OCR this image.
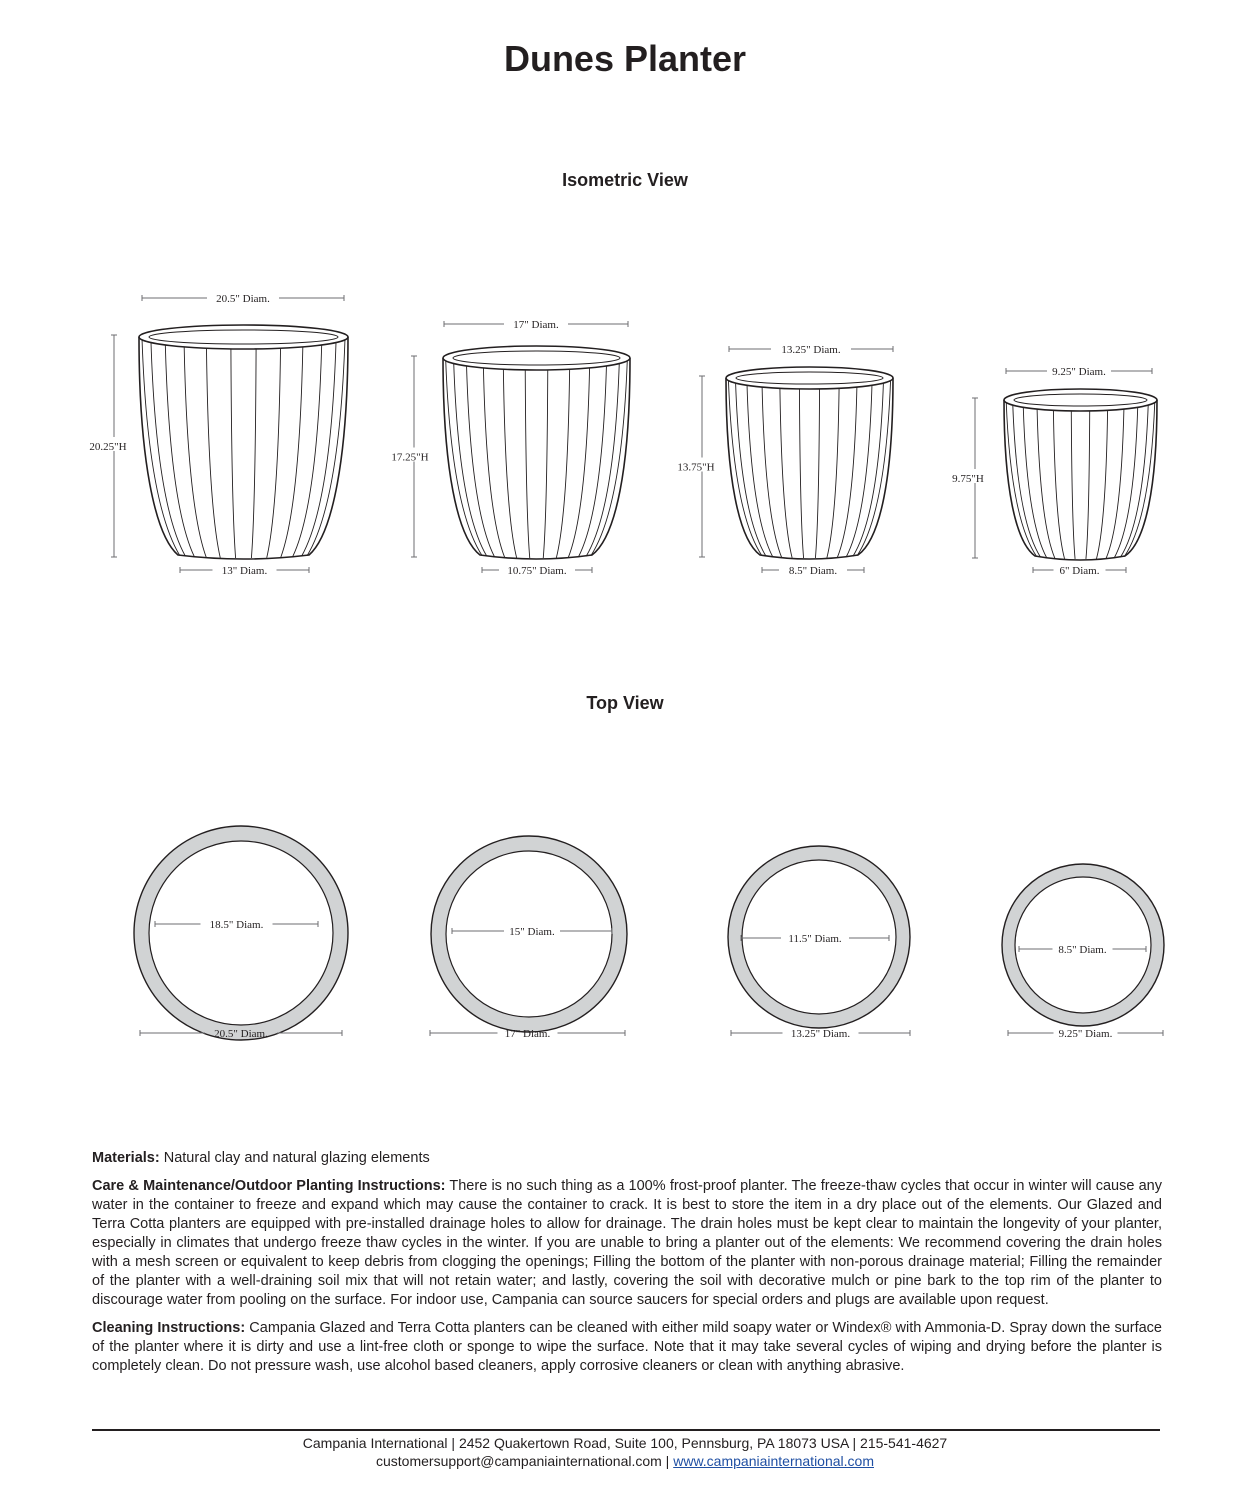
Dunes Planter
Isometric View
Top View
20.5" Diam.
20.25"H
13" Diam.
17" Diam.
17.25"H
10.75" Diam.
13.25" Diam.
13.75"H
8.5" Diam.
9.25" Diam.
9.75"H
6" Diam.
18.5" Diam.
20.5" Diam.
15" Diam.
17" Diam.
11.5" Diam.
13.25" Diam.
8.5" Diam.
9.25" Diam.

Materials: Natural clay and natural glazing elements

Care & Maintenance/Outdoor Planting Instructions: There is no such thing as a 100% frost-proof planter. The freeze-thaw cycles that occur in winter will cause any water in the container to freeze and expand which may cause the container to crack. It is best to store the item in a dry place out of the elements. Our Glazed and Terra Cotta planters are equipped with pre-installed drainage holes to allow for drainage. The drain holes must be kept clear to maintain the longevity of your planter, especially in climates that undergo freeze thaw cycles in the winter. If you are unable to bring a planter out of the elements: We recommend covering the drain holes with a mesh screen or equivalent to keep debris from clogging the openings; Filling the bottom of the planter with non-porous drainage material; Filling the remainder of the planter with a well-draining soil mix that will not retain water; and lastly, covering the soil with decorative mulch or pine bark to the top rim of the planter to discourage water from pooling on the surface. For indoor use, Campania can source saucers for special orders and plugs are available upon request.

Cleaning Instructions: Campania Glazed and Terra Cotta planters can be cleaned with either mild soapy water or Windex® with Ammonia-D. Spray down the surface of the planter where it is dirty and use a lint-free cloth or sponge to wipe the surface. Note that it may take several cycles of wiping and drying before the planter is completely clean. Do not pressure wash, use alcohol based cleaners, apply corrosive cleaners or clean with anything abrasive.

Campania International | 2452 Quakertown Road, Suite 100, Pennsburg, PA 18073 USA | 215-541-4627
customersupport@campaniainternational.com | www.campaniainternational.com
